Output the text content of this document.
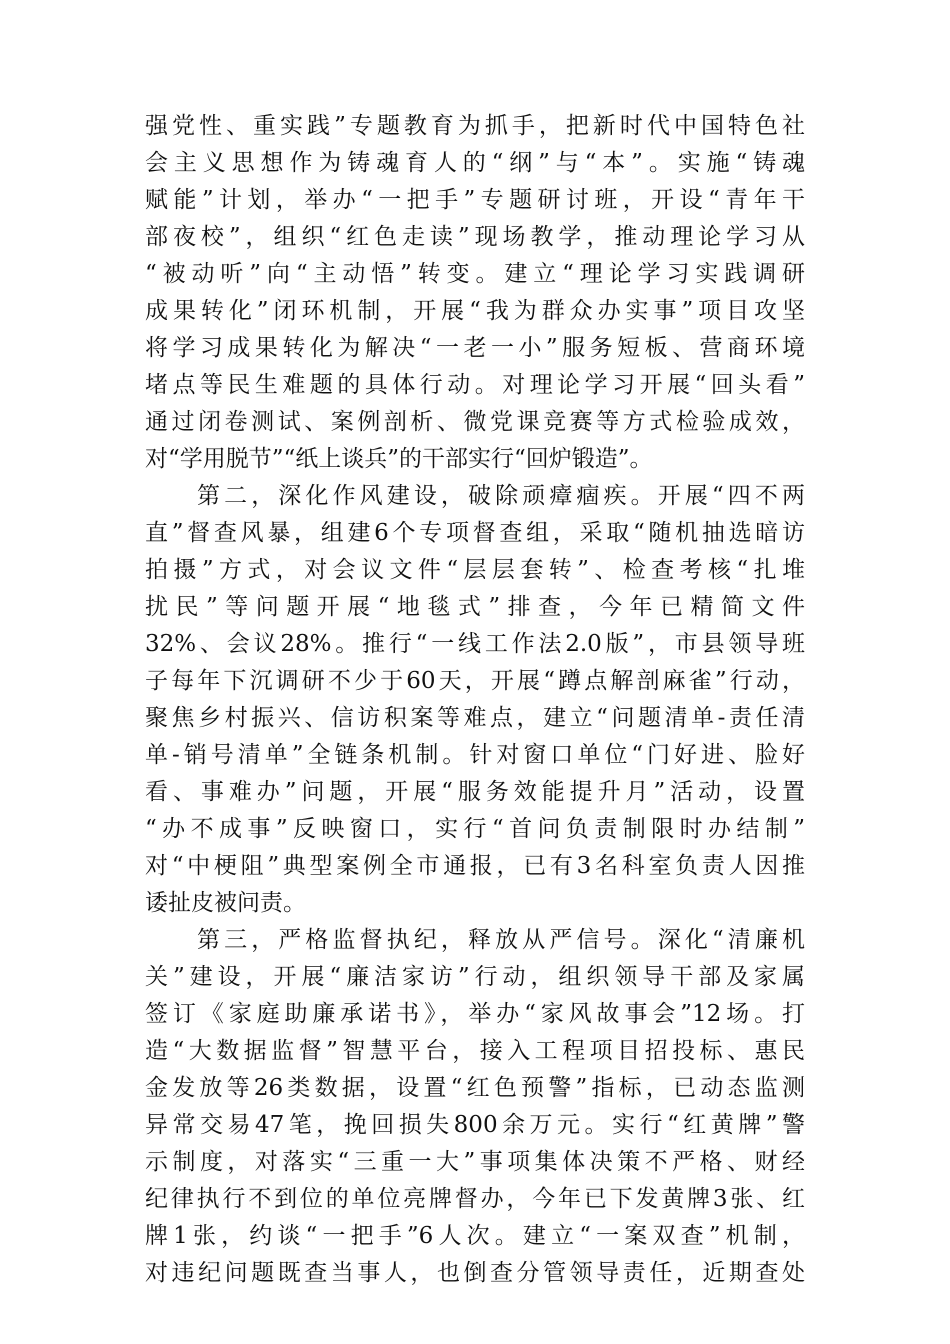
强党性、重实践”专题教育为抓手，把新时代中国特色社
会主义思想作为铸魂育人的“纲”与“本”。实施“铸魂
赋能”计划，举办“一把手”专题研讨班，开设“青年干
部夜校”，组织“红色走读”现场教学，推动理论学习从
“被动听”向“主动悟”转变。建立“理论学习实践调研
成果转化”闭环机制，开展“我为群众办实事”项目攻坚
将学习成果转化为解决“一老一小”服务短板、营商环境
堵点等民生难题的具体行动。对理论学习开展“回头看”
通过闭卷测试、案例剖析、微党课竞赛等方式检验成效，
对“学用脱节”“纸上谈兵”的干部实行“回炉锻造”。
第二，深化作风建设，破除顽瘴痼疾。开展“四不两
直”督查风暴，组建6个专项督查组，采取“随机抽选暗访
拍摄”方式，对会议文件“层层套转”、检查考核“扎堆
扰民”等问题开展“地毯式”排查，今年已精简文件
32%、会议28%。推行“一线工作法2.0版”，市县领导班
子每年下沉调研不少于60天，开展“蹲点解剖麻雀”行动，
聚焦乡村振兴、信访积案等难点，建立“问题清单-责任清
单-销号清单”全链条机制。针对窗口单位“门好进、脸好
看、事难办”问题，开展“服务效能提升月”活动，设置
“办不成事”反映窗口，实行“首问负责制限时办结制”
对“中梗阻”典型案例全市通报，已有3名科室负责人因推
诿扯皮被问责。
第三，严格监督执纪，释放从严信号。深化“清廉机
关”建设，开展“廉洁家访”行动，组织领导干部及家属
签订《家庭助廉承诺书》，举办“家风故事会”12场。打
造“大数据监督”智慧平台，接入工程项目招投标、惠民
金发放等26类数据，设置“红色预警”指标，已动态监测
异常交易47笔，挽回损失800余万元。实行“红黄牌”警
示制度，对落实“三重一大”事项集体决策不严格、财经
纪律执行不到位的单位亮牌督办，今年已下发黄牌3张、红
牌1张，约谈“一把手”6人次。建立“一案双查”机制，
对违纪问题既查当事人，也倒查分管领导责任，近期查处
